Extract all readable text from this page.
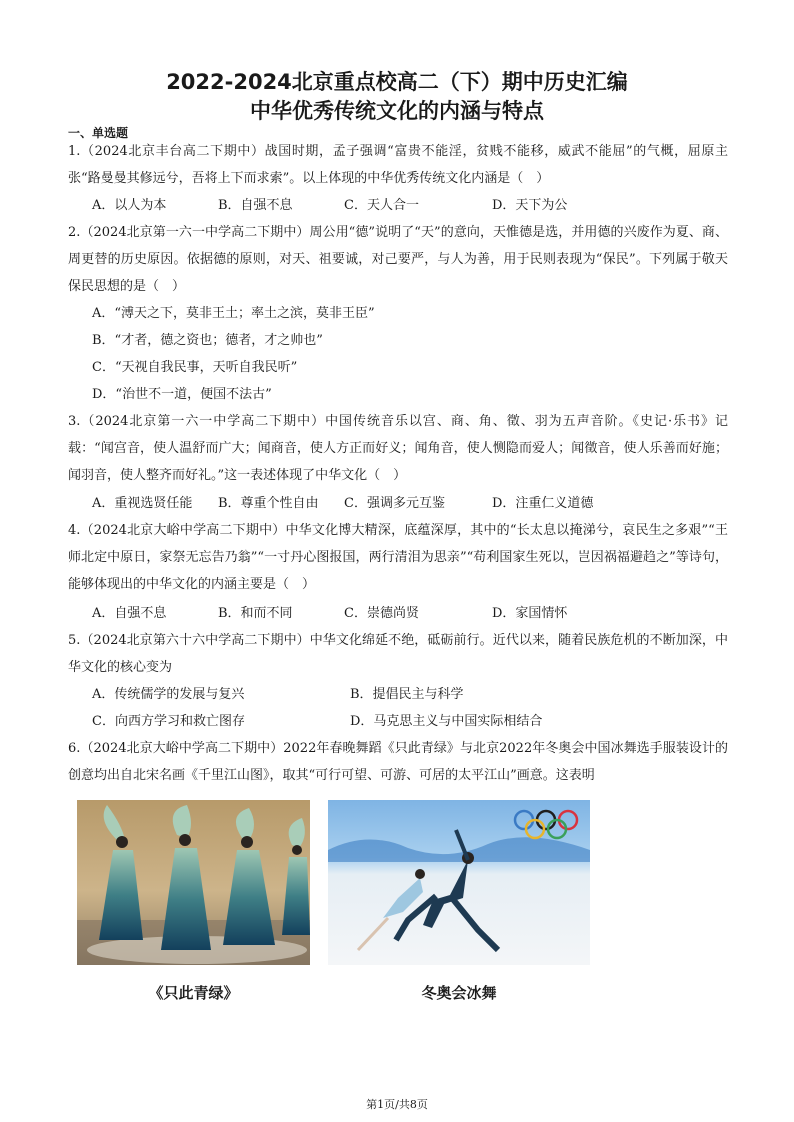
2022-2024北京重点校高二（下）期中历史汇编
中华优秀传统文化的内涵与特点
一、单选题
1.（2024北京丰台高二下期中）战国时期，孟子强调“富贵不能淫，贫贱不能移，威武不能屈”的气概，屈原主张“路曼曼其修远兮，吾将上下而求索”。以上体现的中华优秀传统文化内涵是（　）
A．以人为本	B．自强不息	C．天人合一	D．天下为公
2.（2024北京第一六一中学高二下期中）周公用“德”说明了“天”的意向，天惟德是选，并用德的兴废作为夏、商、周更替的历史原因。依据德的原则，对天、祖要诚，对己要严，与人为善，用于民则表现为“保民”。下列属于敬天保民思想的是（　）
A．“溥天之下，莫非王土；率土之滨，莫非王臣”
B．“才者，德之资也；德者，才之帅也”
C．“天视自我民事，天听自我民听”
D．“治世不一道，便国不法古”
3.（2024北京第一六一中学高二下期中）中国传统音乐以宫、商、角、徵、羽为五声音阶。《史记·乐书》记载：“闻宫音，使人温舒而广大；闻商音，使人方正而好义；闻角音，使人恻隐而爱人；闻徵音，使人乐善而好施；闻羽音，使人整齐而好礼。”这一表述体现了中华文化（　）
A．重视选贤任能 B．尊重个性自由 C．强调多元互鉴	D．注重仁义道德
4.（2024北京大峪中学高二下期中）中华文化博大精深，底蕴深厚，其中的“长太息以掩涕兮，哀民生之多艰”“王师北定中原日，家祭无忘告乃翁”“一寸丹心图报国，两行清泪为思亲”“苟利国家生死以，岂因祸福避趋之”等诗句，能够体现出的中华文化的内涵主要是（　）
A．自强不息	B．和而不同	C．崇德尚贤	D．家国情怀
5.（2024北京第六十六中学高二下期中）中华文化绵延不绝，砥砺前行。近代以来，随着民族危机的不断加深，中华文化的核心变为
A．传统儒学的发展与复兴	B．提倡民主与科学
C．向西方学习和救亡图存	D．马克思主义与中国实际相结合
6.（2024北京大峪中学高二下期中）2022年春晚舞蹈《只此青绿》与北京2022年冬奥会中国冰舞选手服装设计的创意均出自北宋名画《千里江山图》，取其“可行可望、可游、可居的太平江山”画意。这表明
《只此青绿》	冬奥会冰舞
第1页/共8页
